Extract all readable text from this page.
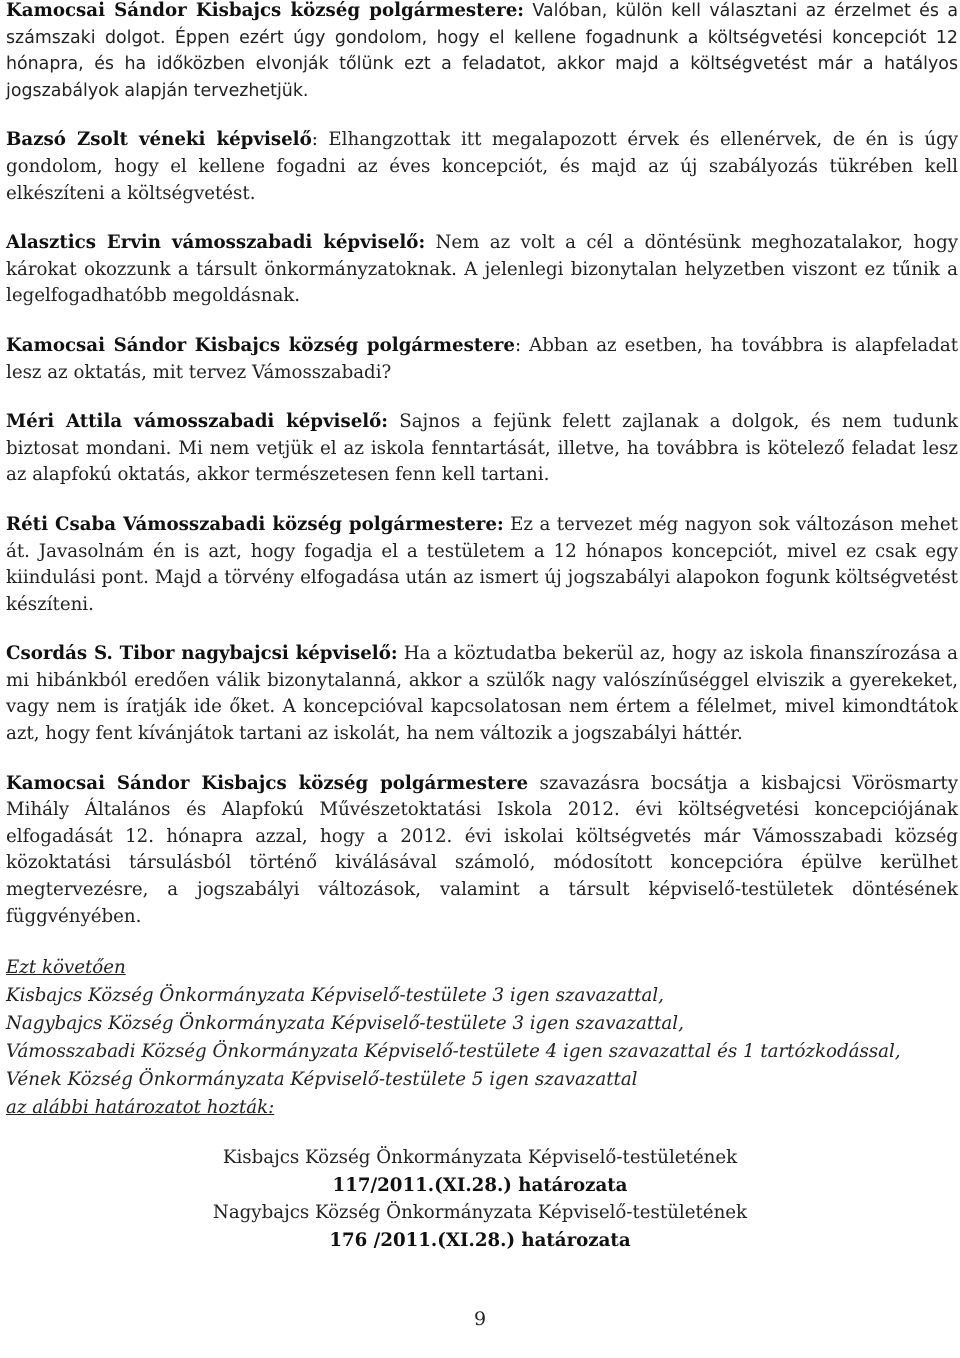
Kamocsai Sándor Kisbajcs község polgármestere: Valóban, külön kell választani az érzelmet és a számszaki dolgot. Éppen ezért úgy gondolom, hogy el kellene fogadnunk a költségvetési koncepciót 12 hónapra, és ha időközben elvonják tőlünk ezt a feladatot, akkor majd a költségvetést már a hatályos jogszabályok alapján tervezhetjük.

Bazsó Zsolt véneki képviselő: Elhangzottak itt megalapozott érvek és ellenérvek, de én is úgy gondolom, hogy el kellene fogadni az éves koncepciót, és majd az új szabályozás tükrében kell elkészíteni a költségvetést.

Alasztics Ervin vámosszabadi képviselő: Nem az volt a cél a döntésünk meghozatalakor, hogy károkat okozzunk a társult önkormányzatoknak. A jelenlegi bizonytalan helyzetben viszont ez tűnik a legelfogadhatóbb megoldásnak.

Kamocsai Sándor Kisbajcs község polgármestere: Abban az esetben, ha továbbra is alapfeladat lesz az oktatás, mit tervez Vámosszabadi?

Méri Attila vámosszabadi képviselő: Sajnos a fejünk felett zajlanak a dolgok, és nem tudunk biztosat mondani. Mi nem vetjük el az iskola fenntartását, illetve, ha továbbra is kötelező feladat lesz az alapfokú oktatás, akkor természetesen fenn kell tartani.

Réti Csaba Vámosszabadi község polgármestere: Ez a tervezet még nagyon sok változáson mehet át. Javasolnám én is azt, hogy fogadja el a testületem a 12 hónapos koncepciót, mivel ez csak egy kiindulási pont. Majd a törvény elfogadása után az ismert új jogszabályi alapokon fogunk költségvetést készíteni.

Csordás S. Tibor nagybajcsi képviselő: Ha a köztudatba bekerül az, hogy az iskola finanszírozása a mi hibánkból eredően válik bizonytalanná, akkor a szülők nagy valószínűséggel elviszik a gyerekeket, vagy nem is íratják ide őket. A koncepcióval kapcsolatosan nem értem a félelmet, mivel kimondtátok azt, hogy fent kívánjátok tartani az iskolát, ha nem változik a jogszabályi háttér.

Kamocsai Sándor Kisbajcs község polgármestere szavazásra bocsátja a kisbajcsi Vörösmarty Mihály Általános és Alapfokú Művészetoktatási Iskola 2012. évi költségvetési koncepciójának elfogadását 12. hónapra azzal, hogy a 2012. évi iskolai költségvetés már Vámosszabadi község közoktatási társulásból történő kiválásával számoló, módosított koncepcióra épülve kerülhet megtervezésre, a jogszabályi változások, valamint a társult képviselő-testületek döntésének függvényében.

Ezt követően

Kisbajcs Község Önkormányzata Képviselő-testülete 3 igen szavazattal,

Nagybajcs Község Önkormányzata Képviselő-testülete 3 igen szavazattal,

Vámosszabadi Község Önkormányzata Képviselő-testülete 4 igen szavazattal és 1 tartózkodással,

Vének Község Önkormányzata Képviselő-testülete 5 igen szavazattal

az alábbi határozatot hozták:

Kisbajcs Község Önkormányzata Képviselő-testületének

117/2011.(XI.28.) határozata

Nagybajcs Község Önkormányzata Képviselő-testületének

176 /2011.(XI.28.) határozata

9
